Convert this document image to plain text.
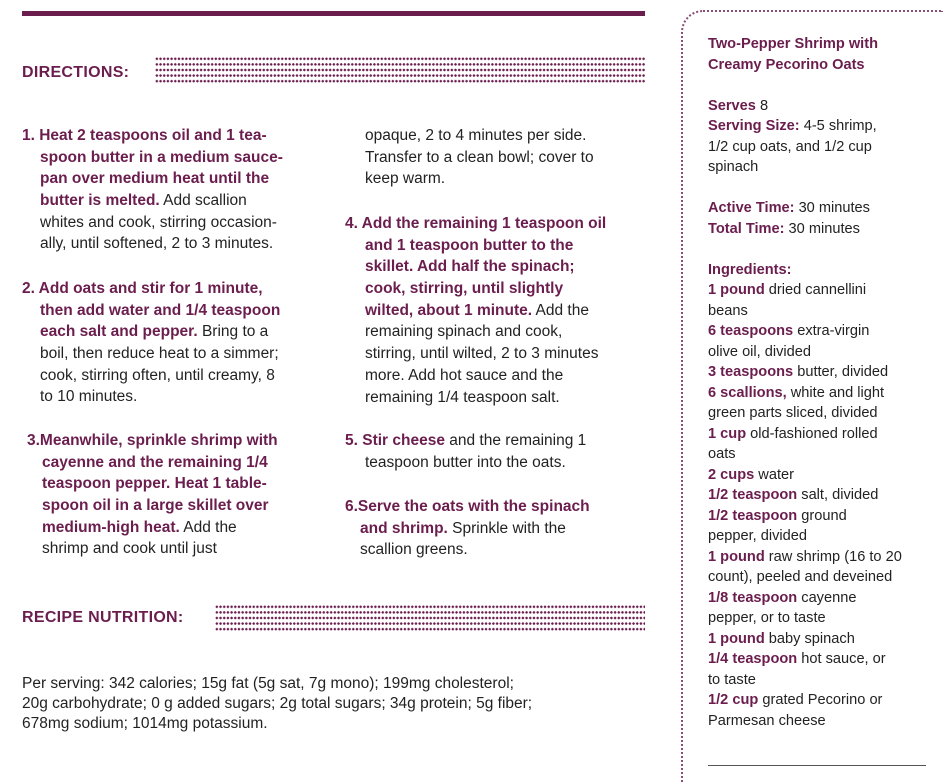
DIRECTIONS:
1. Heat 2 teaspoons oil and 1 tea-
spoon butter in a medium sauce-
pan over medium heat until the
butter is melted. Add scallion
whites and cook, stirring occasion-
ally, until softened, 2 to 3 minutes.
2. Add oats and stir for 1 minute,
then add water and 1/4 teaspoon
each salt and pepper. Bring to a
boil, then reduce heat to a simmer;
cook, stirring often, until creamy, 8
to 10 minutes.
3.Meanwhile, sprinkle shrimp with
cayenne and the remaining 1/4
teaspoon pepper. Heat 1 table-
spoon oil in a large skillet over
medium-high heat. Add the
shrimp and cook until just
opaque, 2 to 4 minutes per side.
Transfer to a clean bowl; cover to
keep warm.
4. Add the remaining 1 teaspoon oil
and 1 teaspoon butter to the
skillet. Add half the spinach;
cook, stirring, until slightly
wilted, about 1 minute. Add the
remaining spinach and cook,
stirring, until wilted, 2 to 3 minutes
more. Add hot sauce and the
remaining 1/4 teaspoon salt.
5. Stir cheese and the remaining 1
teaspoon butter into the oats.
6.Serve the oats with the spinach
and shrimp. Sprinkle with the
scallion greens.
RECIPE NUTRITION:
Per serving: 342 calories; 15g fat (5g sat, 7g mono); 199mg cholesterol;
20g carbohydrate; 0 g added sugars; 2g total sugars; 34g protein; 5g fiber;
678mg sodium; 1014mg potassium.
Two-Pepper Shrimp with
Creamy Pecorino Oats
Serves 8
Serving Size: 4-5 shrimp,
1/2 cup oats, and 1/2 cup
spinach
Active Time: 30 minutes
Total Time: 30 minutes
Ingredients:
1 pound dried cannellini
beans
6 teaspoons extra-virgin
olive oil, divided
3 teaspoons butter, divided
6 scallions, white and light
green parts sliced, divided
1 cup old-fashioned rolled
oats
2 cups water
1/2 teaspoon salt, divided
1/2 teaspoon ground
pepper, divided
1 pound raw shrimp (16 to 20
count), peeled and deveined
1/8 teaspoon cayenne
pepper, or to taste
1 pound baby spinach
1/4 teaspoon hot sauce, or
to taste
1/2 cup grated Pecorino or
Parmesan cheese
